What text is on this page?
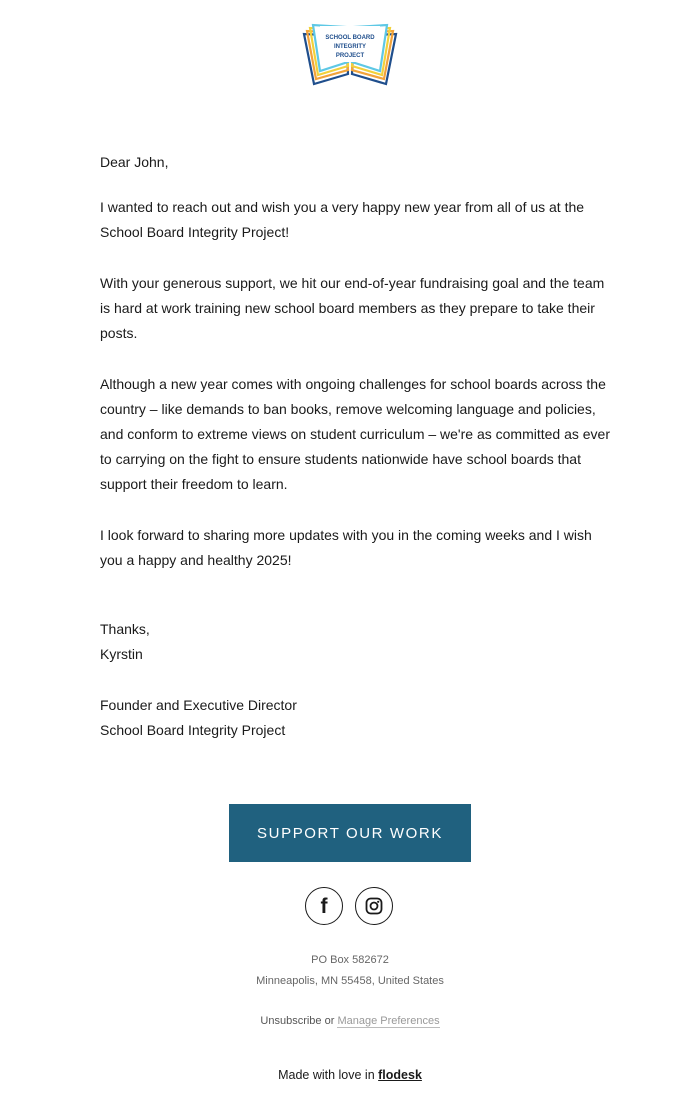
SCHOOL BOARD
INTEGRITY
PROJECT

Dear John,

I wanted to reach out and wish you a very happy new year from all of us at the School Board Integrity Project!

With your generous support, we hit our end-of-year fundraising goal and the team is hard at work training new school board members as they prepare to take their posts.

Although a new year comes with ongoing challenges for school boards across the country – like demands to ban books, remove welcoming language and policies, and conform to extreme views on student curriculum – we're as committed as ever to carrying on the fight to ensure students nationwide have school boards that support their freedom to learn.

I look forward to sharing more updates with you in the coming weeks and I wish you a happy and healthy 2025!

Thanks,
Kyrstin
Founder and Executive Director
School Board Integrity Project
SUPPORT OUR WORK
f
PO Box 582672
Minneapolis, MN 55458, United States
Unsubscribe or Manage Preferences
Made with love in flodesk
